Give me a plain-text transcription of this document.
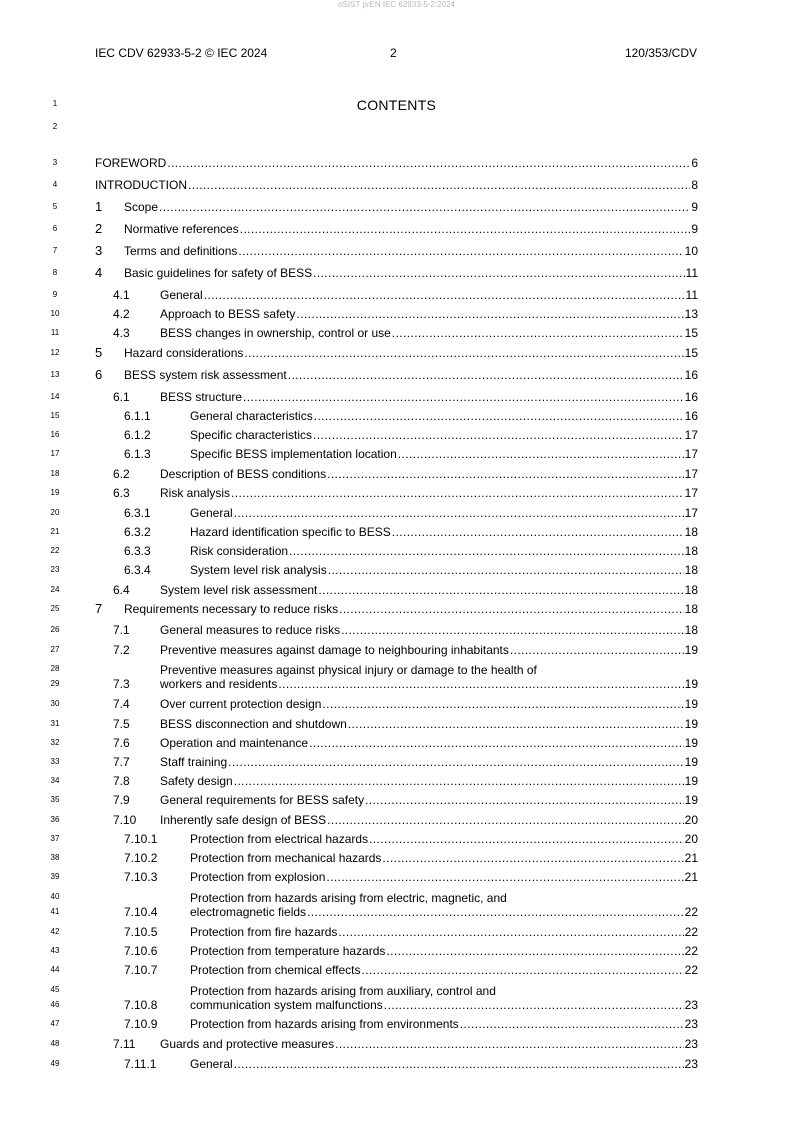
oSIST prEN IEC 62933-5-2:2024
IEC CDV 62933-5-2 © IEC 2024	2	120/353/CDV
1	CONTENTS
2
3	FOREWORD .....	6
4	INTRODUCTION .....	8
5	1 Scope .....	9
6	2 Normative references .....	9
7	3 Terms and definitions .....	10
8	4 Basic guidelines for safety of BESS .....	11
9	4.1	General .....	11
10	4.2	Approach to BESS safety .....	13
11	4.3	BESS changes in ownership, control or use .....	15
12	5 Hazard considerations .....	15
13	6 BESS system risk assessment .....	16
14	6.1	BESS structure .....	16
15	6.1.1	General characteristics .....	16
16	6.1.2	Specific characteristics .....	17
17	6.1.3	Specific BESS implementation location .....	17
18	6.2	Description of BESS conditions .....	17
19	6.3	Risk analysis .....	17
20	6.3.1	General .....	17
21	6.3.2	Hazard identification specific to BESS .....	18
22	6.3.3	Risk consideration .....	18
23	6.3.4	System level risk analysis .....	18
24	6.4	System level risk assessment .....	18
25	7 Requirements necessary to reduce risks .....	18
26	7.1	General measures to reduce risks .....	18
27	7.2	Preventive measures against damage to neighbouring inhabitants .....	19
28
29	7.3
Preventive measures against physical injury or damage to the health of
workers and residents .....	19
30	7.4	Over current protection design .....	19
31	7.5	BESS disconnection and shutdown .....	19
32	7.6	Operation and maintenance .....	19
33	7.7	Staff training .....	19
34	7.8	Safety design .....	19
35	7.9	General requirements for BESS safety .....	19
36	7.10 Inherently safe design of BESS .....	20
37	7.10.1	Protection from electrical hazards .....	20
38	7.10.2	Protection from mechanical hazards .....	21
39	7.10.3	Protection from explosion .....	21
40
41	7.10.4
Protection from hazards arising from electric, magnetic, and
electromagnetic fields .....	22
42	7.10.5	Protection from fire hazards .....	22
43	7.10.6	Protection from temperature hazards .....	22
44	7.10.7	Protection from chemical effects .....	22
45
46	7.10.8
Protection from hazards arising from auxiliary, control and
communication system malfunctions .....	23
47	7.10.9	Protection from hazards arising from environments .....	23
48	7.11 Guards and protective measures .....	23
49	7.11.1	General .....	23
